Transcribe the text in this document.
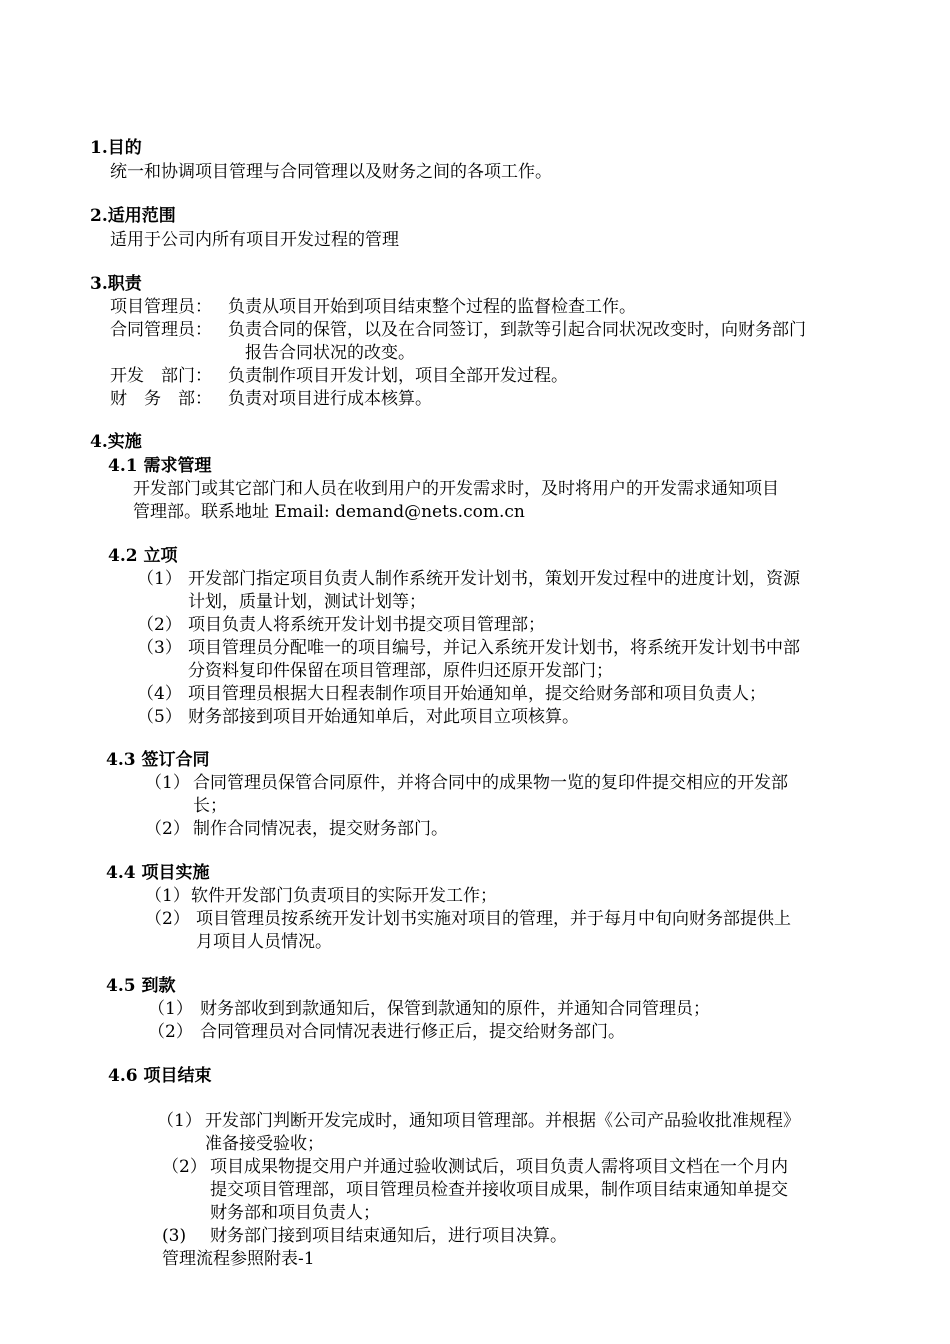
1.目的
统一和协调项目管理与合同管理以及财务之间的各项工作。
2.适用范围
适用于公司内所有项目开发过程的管理
3.职责
项目管理员： 负责从项目开始到项目结束整个过程的监督检查工作。
合同管理员： 负责合同的保管，以及在合同签订，到款等引起合同状况改变时，向财务部门
报告合同状况的改变。
开发　部门： 负责制作项目开发计划，项目全部开发过程。
财　务　部： 负责对项目进行成本核算。
4.实施
4.1 需求管理
开发部门或其它部门和人员在收到用户的开发需求时，及时将用户的开发需求通知项目
管理部。联系地址 Email: demand@nets.com.cn
4.2 立项
（1） 开发部门指定项目负责人制作系统开发计划书，策划开发过程中的进度计划，资源
计划，质量计划，测试计划等；
（2） 项目负责人将系统开发计划书提交项目管理部；
（3） 项目管理员分配唯一的项目编号，并记入系统开发计划书，将系统开发计划书中部
分资料复印件保留在项目管理部，原件归还原开发部门；
（4） 项目管理员根据大日程表制作项目开始通知单，提交给财务部和项目负责人；
（5） 财务部接到项目开始通知单后，对此项目立项核算。
4.3 签订合同
（1） 合同管理员保管合同原件，并将合同中的成果物一览的复印件提交相应的开发部
长；
（2） 制作合同情况表，提交财务部门。
4.4 项目实施
（1） 软件开发部门负责项目的实际开发工作；
（2） 项目管理员按系统开发计划书实施对项目的管理，并于每月中旬向财务部提供上
月项目人员情况。
4.5 到款
（1） 财务部收到到款通知后，保管到款通知的原件，并通知合同管理员；
（2） 合同管理员对合同情况表进行修正后，提交给财务部门。
4.6 项目结束
（1） 开发部门判断开发完成时，通知项目管理部。并根据《公司产品验收批准规程》
准备接受验收；
（2） 项目成果物提交用户并通过验收测试后，项目负责人需将项目文档在一个月内
提交项目管理部，项目管理员检查并接收项目成果，制作项目结束通知单提交
财务部和项目负责人；
(3) 财务部门接到项目结束通知后，进行项目决算。
管理流程参照附表-1
